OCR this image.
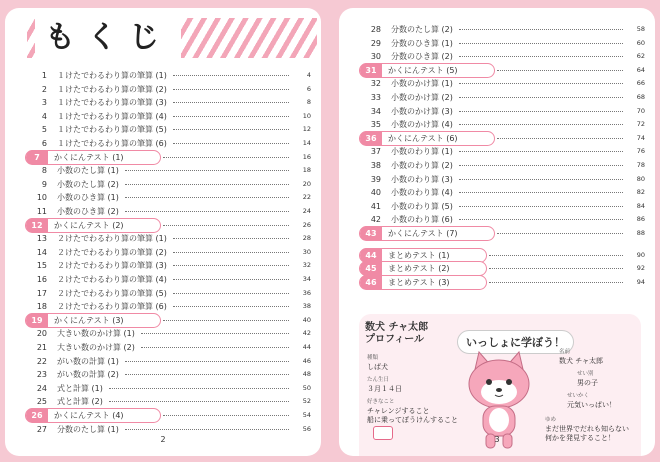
もくじ
1	１けたでわるわり算の筆算 (1)	4
2	１けたでわるわり算の筆算 (2)	6
3	１けたでわるわり算の筆算 (3)	8
4	１けたでわるわり算の筆算 (4)	10
5	１けたでわるわり算の筆算 (5)	12
6	１けたでわるわり算の筆算 (6)	14
7	かくにんテスト (1)	16
8	小数のたし算 (1)	18
9	小数のたし算 (2)	20
10	小数のひき算 (1)	22
11	小数のひき算 (2)	24
12	かくにんテスト (2)	26
13	２けたでわるわり算の筆算 (1)	28
14	２けたでわるわり算の筆算 (2)	30
15	２けたでわるわり算の筆算 (3)	32
16	２けたでわるわり算の筆算 (4)	34
17	２けたでわるわり算の筆算 (5)	36
18	２けたでわるわり算の筆算 (6)	38
19	かくにんテスト (3)	40
20	大きい数のかけ算 (1)	42
21	大きい数のかけ算 (2)	44
22	がい数の計算 (1)	46
23	がい数の計算 (2)	48
24	式と計算 (1)	50
25	式と計算 (2)	52
26	かくにんテスト (4)	54
27	分数のたし算 (1)	56
2
28	分数のたし算 (2)	58
29	分数のひき算 (1)	60
30	分数のひき算 (2)	62
31	かくにんテスト (5)	64
32	小数のかけ算 (1)	66
33	小数のかけ算 (2)	68
34	小数のかけ算 (3)	70
35	小数のかけ算 (4)	72
36	かくにんテスト (6)	74
37	小数のわり算 (1)	76
38	小数のわり算 (2)	78
39	小数のわり算 (3)	80
40	小数のわり算 (4)	82
41	小数のわり算 (5)	84
42	小数のわり算 (6)	86
43	かくにんテスト (7)	88
44	まとめテスト (1)	90
45	まとめテスト (2)	92
46	まとめテスト (3)	94
数犬 チャ太郎
プロフィール	いっしょに学ぼう！
種類
しば犬
たん生日
３月１４日
好きなこと
チャレンジすること
船に乗ってぼうけんすること
名前
数犬 チャ太郎
せい別
男の子
せいかく
元気いっぱい！
ゆめ
まだ世界でだれも知らない
何かを発見すること！
3
